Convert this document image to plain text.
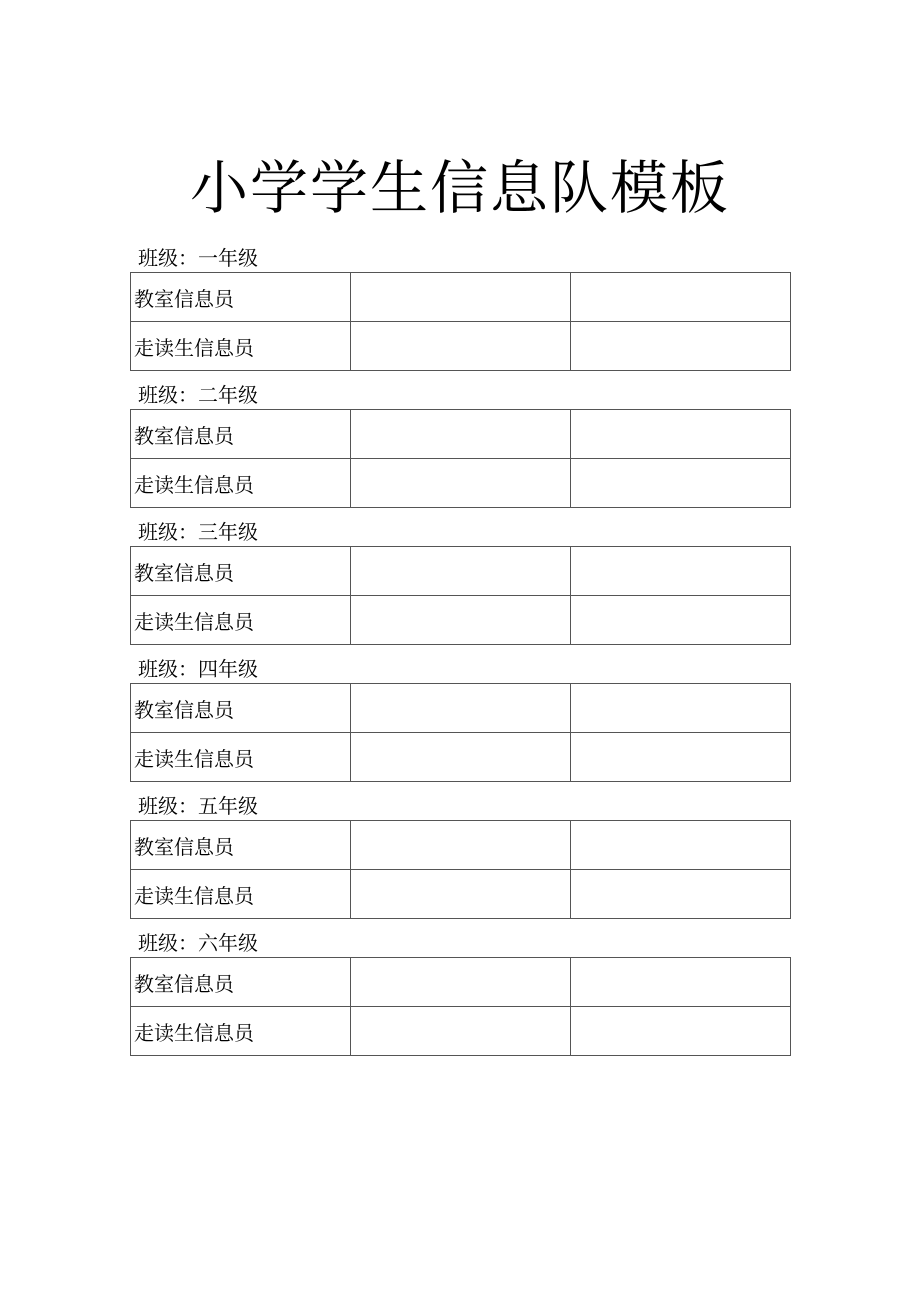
小学学生信息队模板
班级：一年级
教室信息员		
走读生信息员		
班级：二年级
教室信息员		
走读生信息员		
班级：三年级
教室信息员		
走读生信息员		
班级：四年级
教室信息员		
走读生信息员		
班级：五年级
教室信息员		
走读生信息员		
班级：六年级
教室信息员		
走读生信息员		
